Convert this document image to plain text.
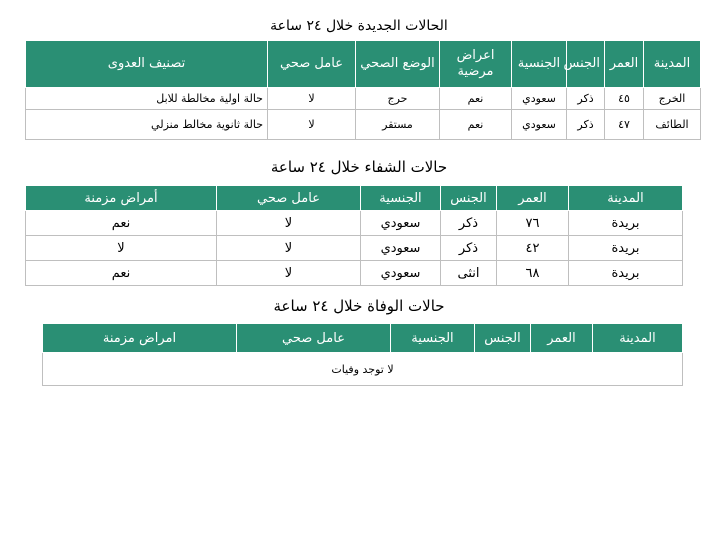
الحالات الجديدة خلال ٢٤ ساعة
المدينة	العمر	الجنس	الجنسية	اعراض مرضية	الوضع الصحي	عامل صحي	تصنيف العدوى
الخرج	٤٥	ذكر	سعودي	نعم	حرج	لا	حالة اولية مخالطة للابل
الطائف	٤٧	ذكر	سعودي	نعم	مستقر	لا	حالة ثانوية مخالط منزلي
حالات الشفاء خلال ٢٤ ساعة
المدينة	العمر	الجنس	الجنسية	عامل صحي	أمراض مزمنة
بريدة	٧٦	ذكر	سعودي	لا	نعم
بريدة	٤٢	ذكر	سعودي	لا	لا
بريدة	٦٨	انثى	سعودي	لا	نعم
حالات الوفاة خلال ٢٤ ساعة
المدينة	العمر	الجنس	الجنسية	عامل صحي	امراض مزمنة
لا توجد وفيات
